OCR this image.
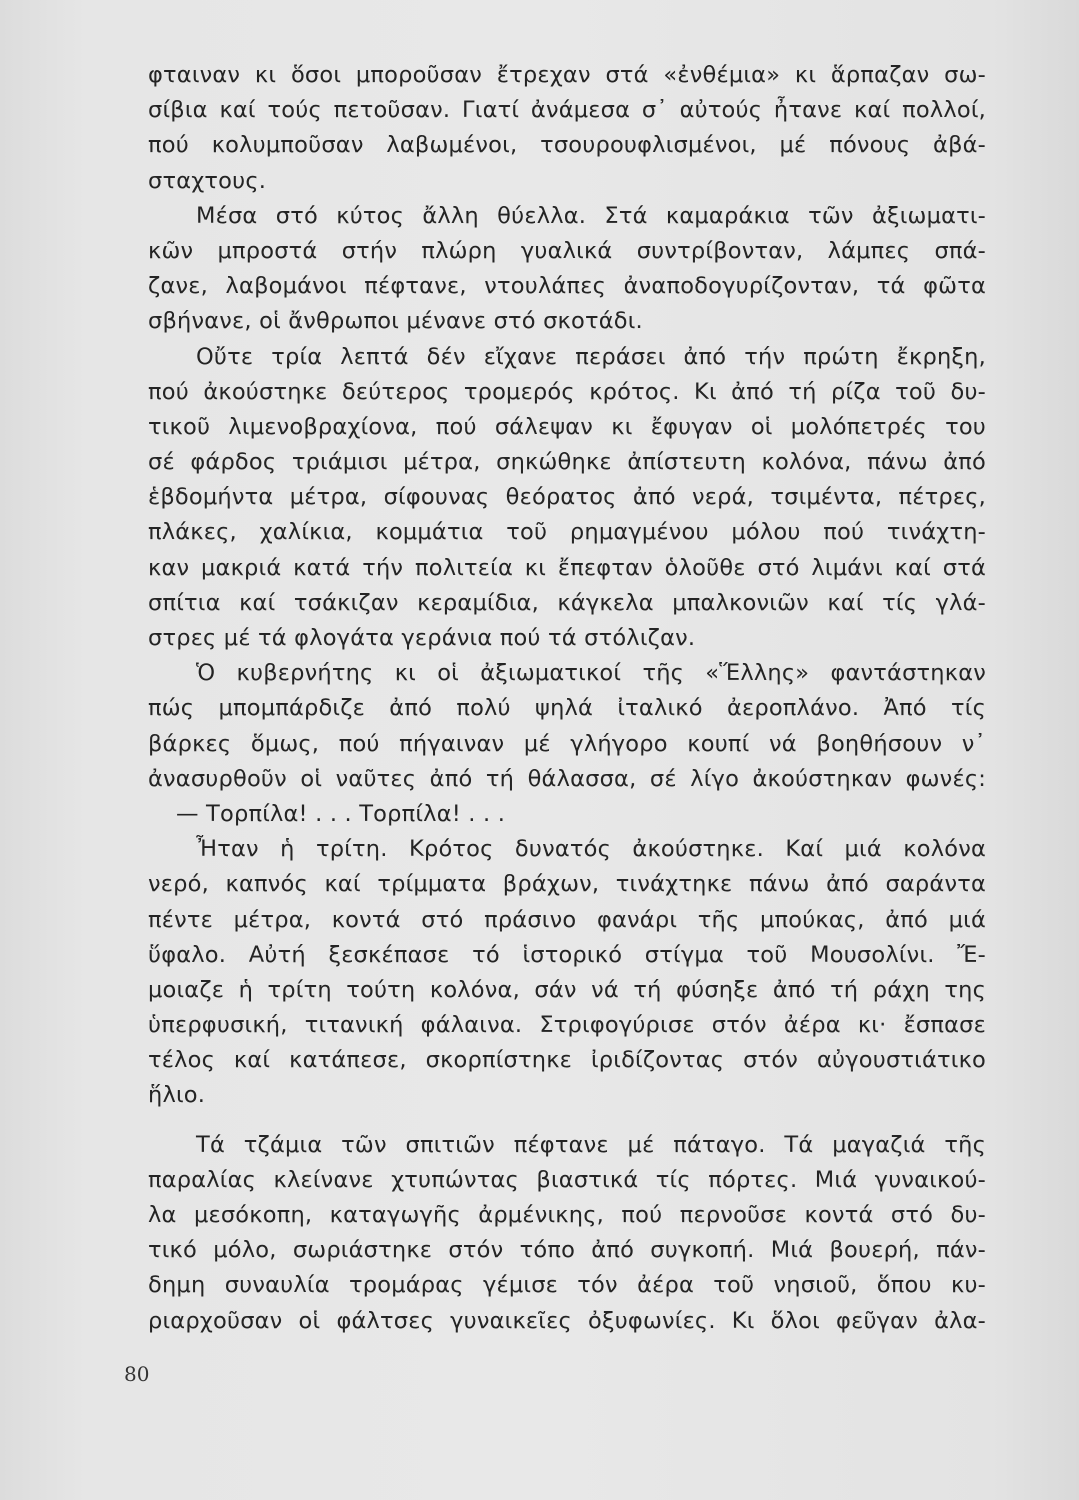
φταιναν κι ὅσοι μποροῦσαν ἔτρεχαν στά «ἐνθέμια» κι ἅρπαζαν σω-
σίβια καί τούς πετοῦσαν. Γιατί ἀνάμεσα σ᾿ αὐτούς ἦτανε καί πολλοί,
πού κολυμποῦσαν λαβωμένοι, τσουρουφλισμένοι, μέ πόνους ἀβά-
σταχτους.
Μέσα στό κύτος ἄλλη θύελλα. Στά καμαράκια τῶν ἀξιωματι-
κῶν μπροστά στήν πλώρη γυαλικά συντρίβονταν, λάμπες σπά-
ζανε, λαβομάνοι πέφτανε, ντουλάπες ἀναποδογυρίζονταν, τά φῶτα
σβήνανε, οἱ ἄνθρωποι μένανε στό σκοτάδι.
Οὔτε τρία λεπτά δέν εἴχανε περάσει ἀπό τήν πρώτη ἔκρηξη,
πού ἀκούστηκε δεύτερος τρομερός κρότος. Κι ἀπό τή ρίζα τοῦ δυ-
τικοῦ λιμενοβραχίονα, πού σάλεψαν κι ἔφυγαν οἱ μολόπετρές του
σέ φάρδος τριάμισι μέτρα, σηκώθηκε ἀπίστευτη κολόνα, πάνω ἀπό
ἑβδομήντα μέτρα, σίφουνας θεόρατος ἀπό νερά, τσιμέντα, πέτρες,
πλάκες, χαλίκια, κομμάτια τοῦ ρημαγμένου μόλου πού τινάχτη-
καν μακριά κατά τήν πολιτεία κι ἔπεφταν ὁλοῦθε στό λιμάνι καί στά
σπίτια καί τσάκιζαν κεραμίδια, κάγκελα μπαλκονιῶν καί τίς γλά-
στρες μέ τά φλογάτα γεράνια πού τά στόλιζαν.
Ὁ κυβερνήτης κι οἱ ἀξιωματικοί τῆς «Ἕλλης» φαντάστηκαν
πώς μπομπάρδιζε ἀπό πολύ ψηλά ἰταλικό ἀεροπλάνο. Ἀπό τίς
βάρκες ὅμως, πού πήγαιναν μέ γλήγορο κουπί νά βοηθήσουν ν᾿
ἀνασυρθοῦν οἱ ναῦτες ἀπό τή θάλασσα, σέ λίγο ἀκούστηκαν φωνές:
— Τορπίλα! . . . Τορπίλα! . . .
Ἦταν ἡ τρίτη. Κρότος δυνατός ἀκούστηκε. Καί μιά κολόνα
νερό, καπνός καί τρίμματα βράχων, τινάχτηκε πάνω ἀπό σαράντα
πέντε μέτρα, κοντά στό πράσινο φανάρι τῆς μπούκας, ἀπό μιά
ὕφαλο. Αὐτή ξεσκέπασε τό ἱστορικό στίγμα τοῦ Μουσολίνι. Ἔ-
μοιαζε ἡ τρίτη τούτη κολόνα, σάν νά τή φύσηξε ἀπό τή ράχη της
ὑπερφυσική, τιτανική φάλαινα. Στριφογύρισε στόν ἀέρα κι· ἔσπασε
τέλος καί κατάπεσε, σκορπίστηκε ἰριδίζοντας στόν αὐγουστιάτικο
ἥλιο.
Τά τζάμια τῶν σπιτιῶν πέφτανε μέ πάταγο. Τά μαγαζιά τῆς
παραλίας κλείνανε χτυπώντας βιαστικά τίς πόρτες. Μιά γυναικού-
λα μεσόκοπη, καταγωγῆς ἀρμένικης, πού περνοῦσε κοντά στό δυ-
τικό μόλο, σωριάστηκε στόν τόπο ἀπό συγκοπή. Μιά βουερή, πάν-
δημη συναυλία τρομάρας γέμισε τόν ἀέρα τοῦ νησιοῦ, ὅπου κυ-
ριαρχοῦσαν οἱ φάλτσες γυναικεῖες ὀξυφωνίες. Κι ὅλοι φεῦγαν ἀλα-
80
